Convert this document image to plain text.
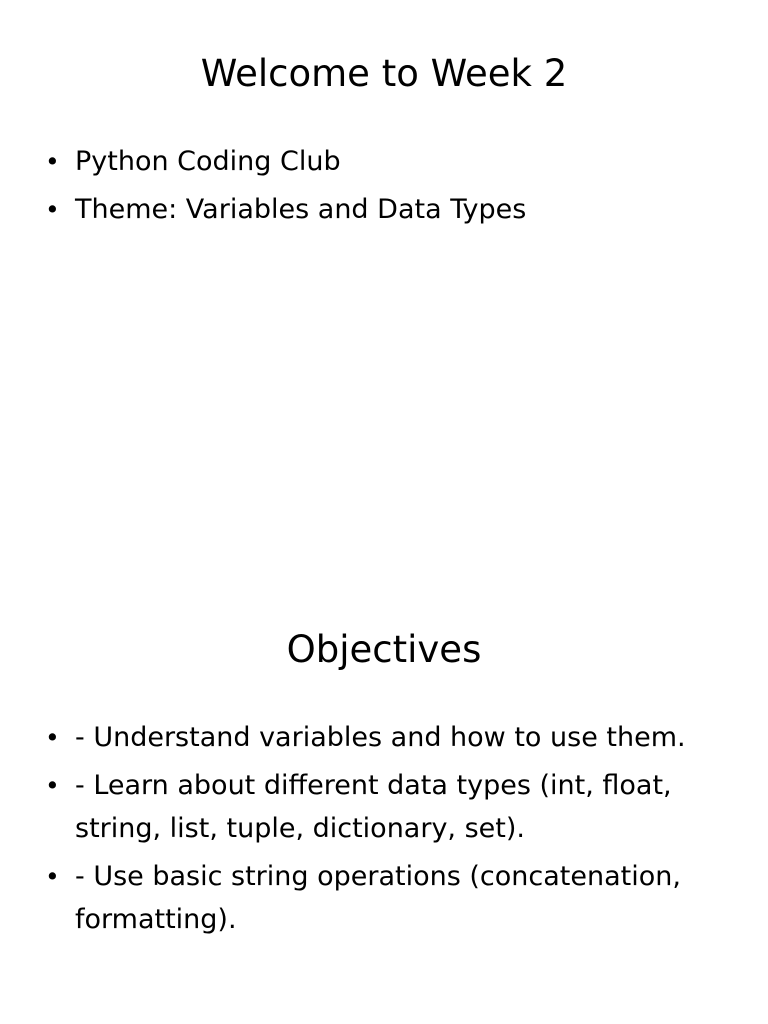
Welcome to Week 2
• Python Coding Club
• Theme: Variables and Data Types
Objectives
• - Understand variables and how to use them.
• - Learn about different data types (int, float, string, list, tuple, dictionary, set).
• - Use basic string operations (concatenation, formatting).
